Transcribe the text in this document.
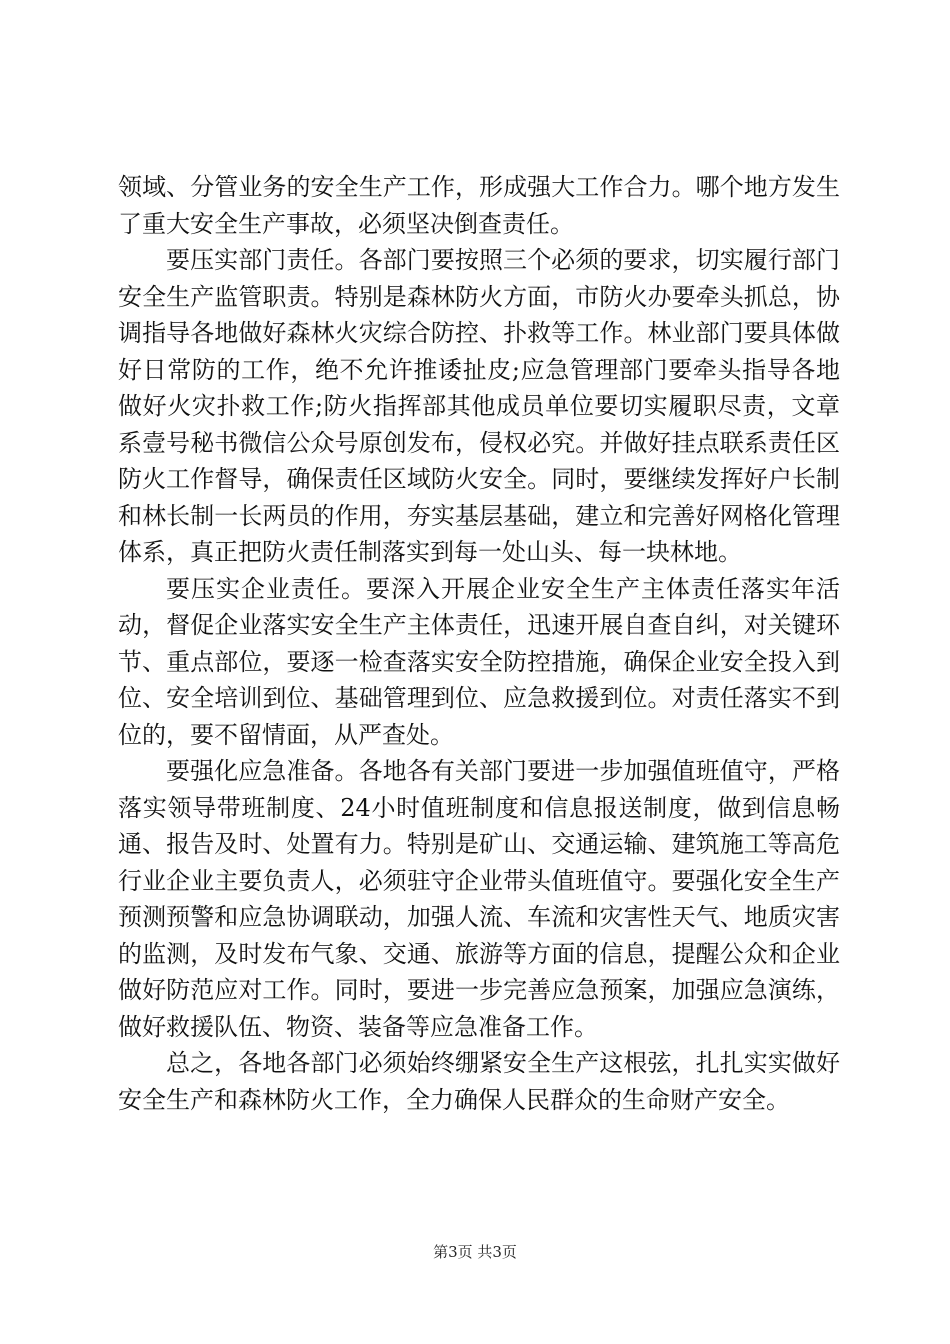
领域、分管业务的安全生产工作，形成强大工作合力。哪个地方发生了重大安全生产事故，必须坚决倒查责任。

要压实部门责任。各部门要按照三个必须的要求，切实履行部门安全生产监管职责。特别是森林防火方面，市防火办要牵头抓总，协调指导各地做好森林火灾综合防控、扑救等工作。林业部门要具体做好日常防的工作，绝不允许推诿扯皮;应急管理部门要牵头指导各地做好火灾扑救工作;防火指挥部其他成员单位要切实履职尽责，文章系壹号秘书微信公众号原创发布，侵权必究。并做好挂点联系责任区防火工作督导，确保责任区域防火安全。同时，要继续发挥好户长制和林长制一长两员的作用，夯实基层基础，建立和完善好网格化管理体系，真正把防火责任制落实到每一处山头、每一块林地。

要压实企业责任。要深入开展企业安全生产主体责任落实年活动，督促企业落实安全生产主体责任，迅速开展自查自纠，对关键环节、重点部位，要逐一检查落实安全防控措施，确保企业安全投入到位、安全培训到位、基础管理到位、应急救援到位。对责任落实不到位的，要不留情面，从严查处。

要强化应急准备。各地各有关部门要进一步加强值班值守，严格落实领导带班制度、24小时值班制度和信息报送制度，做到信息畅通、报告及时、处置有力。特别是矿山、交通运输、建筑施工等高危行业企业主要负责人，必须驻守企业带头值班值守。要强化安全生产预测预警和应急协调联动，加强人流、车流和灾害性天气、地质灾害的监测，及时发布气象、交通、旅游等方面的信息，提醒公众和企业做好防范应对工作。同时，要进一步完善应急预案，加强应急演练，做好救援队伍、物资、装备等应急准备工作。

总之，各地各部门必须始终绷紧安全生产这根弦，扎扎实实做好安全生产和森林防火工作，全力确保人民群众的生命财产安全。

第3页 共3页
